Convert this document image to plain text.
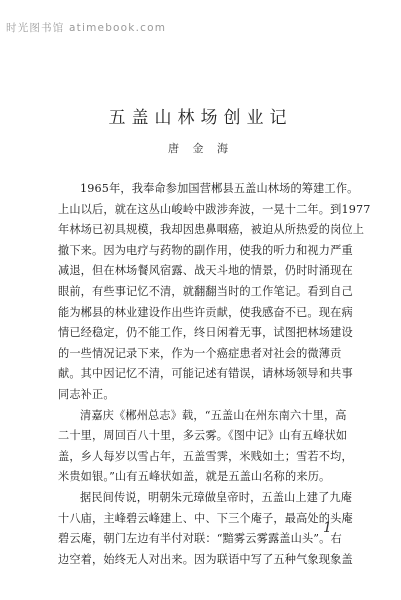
时光图书馆 atimebook.com
五盖山林场创业记
唐 金 海
1965年，我奉命参加国营郴县五盖山林场的筹建工作。
上山以后，就在这丛山峻岭中跋涉奔波，一晃十二年。到1977
年林场已初具规模，我却因患鼻咽癌，被迫从所热爱的岗位上
撤下来。因为电疗与药物的副作用，使我的听力和视力严重
减退，但在林场餐风宿露、战天斗地的情景，仍时时涌现在
眼前，有些事记忆不清，就翻翻当时的工作笔记。看到自己
能为郴县的林业建设作出些许贡献，使我感奋不已。现在病
情已经稳定，仍不能工作，终日闲着无事，试图把林场建设
的一些情况记录下来，作为一个癌症患者对社会的微薄贡
献。其中因记忆不清，可能记述有错误，请林场领导和共事
同志补正。
清嘉庆《郴州总志》载，“五盖山在州东南六十里，高
二十里，周回百八十里，多云雾。《图中记》山有五峰状如
盖，乡人每岁以雪占年，五盖雪霁，米贱如土；雪若不均，
米贵如银。”山有五峰状如盖，就是五盖山名称的来历。
据民间传说，明朝朱元璋做皇帝时，五盖山上建了九庵
十八庙，主峰碧云峰建上、中、下三个庵子，最高处的头庵
碧云庵，朝门左边有半付对联：“黯雾云雾露盖山头”。右
边空着，始终无人对出来。因为联语中写了五种气象现象盖
1
